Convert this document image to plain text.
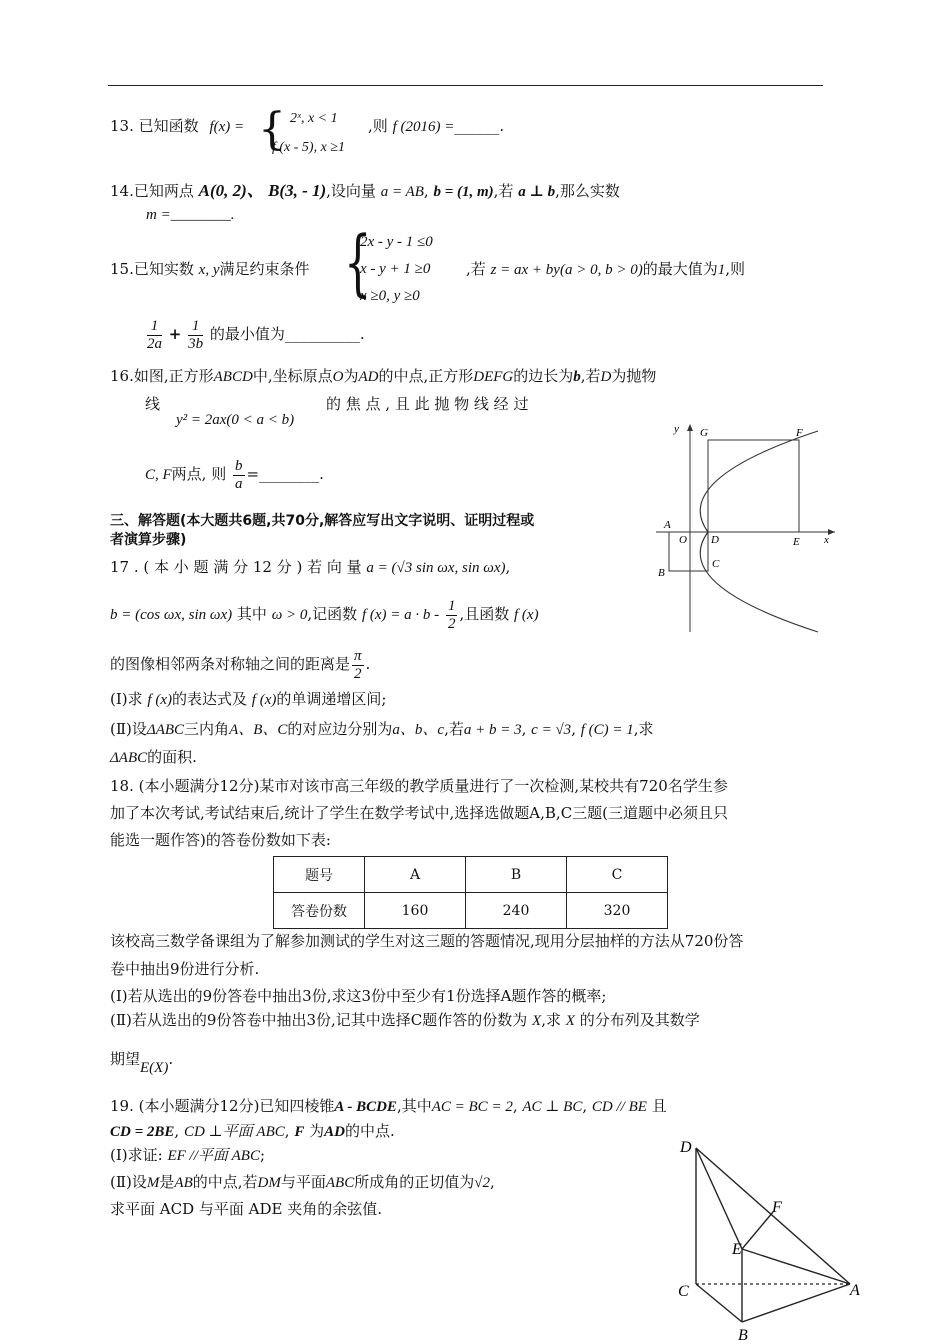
13. 已知函数 f(x) = { 2ˣ, x < 1
f (x - 5), x ≥1
,则 f (2016) =______.
14.已知两点 A(0, 2)、 B(3, - 1),设向量 a = AB, b = (1, m),若 a ⊥ b,那么实数
m =________.
15.已知实数 x, y满足约束条件 {
2x - y - 1 ≤0
x - y + 1 ≥0
x ≥0, y ≥0
,若 z = ax + by(a > 0, b > 0)的最大值为1,则
$\frac{1}{2a} + \frac{1}{3b}$ 的最小值为__________.
16.如图,正方形ABCD中,坐标原点O为AD的中点,正方形DEFG的边长为b,若D为抛物
线
y² = 2ax(0 < a < b)
的 焦 点 , 且 此 抛 物 线 经 过
C, F两点, 则 $\frac{b}{a}$ =________.
三、解答题(本大题共6题,共70分,解答应写出文字说明、证明过程或
者演算步骤)
17 . ( 本 小 题 满 分 12 分 ) 若 向 量 a = (√3 sin ωx, sin ωx),
b = (cos ωx, sin ωx) 其中 ω > 0,记函数 f $(x) = a \cdot b - \frac{1}{2}$ ,且函数 f (x)
的图像相邻两条对称轴之间的距离是 $\frac{\pi}{2}$ .
(Ⅰ)求 f (x)的表达式及 f (x)的单调递增区间;
(Ⅱ)设ΔABC三内角A、B、C的对应边分别为a、b、c,若a + b = 3, c = √3, f (C) = 1,求
ΔABC的面积.
18. (本小题满分12分)某市对该市高三年级的教学质量进行了一次检测,某校共有720名学生参
加了本次考试,考试结束后,统计了学生在数学考试中,选择选做题A,B,C三题(三道题中必须且只
能选一题作答)的答卷份数如下表:
题号	A	B	C
答卷份数	160	240	320
该校高三数学备课组为了解参加测试的学生对这三题的答题情况,现用分层抽样的方法从720份答
卷中抽出9份进行分析.
(Ⅰ)若从选出的9份答卷中抽出3份,求这3份中至少有1份选择A题作答的概率;
(Ⅱ)若从选出的9份答卷中抽出3份,记其中选择C题作答的份数为 X,求 X 的分布列及其数学
期望E(X).
19. (本小题满分12分)已知四棱锥A - BCDE,其中AC = BC = 2, AC ⊥ BC, CD // BE 且
CD = 2BE, CD ⊥平面 ABC, F 为AD的中点.
(Ⅰ)求证: EF //平面 ABC;
(Ⅱ)设M是AB的中点,若DM与平面ABC所成角的正切值为√2,
求平面 ACD 与平面 ADE 夹角的余弦值.
y G	F
A
O D	E x
B
C
D
F
E
C	A
B
